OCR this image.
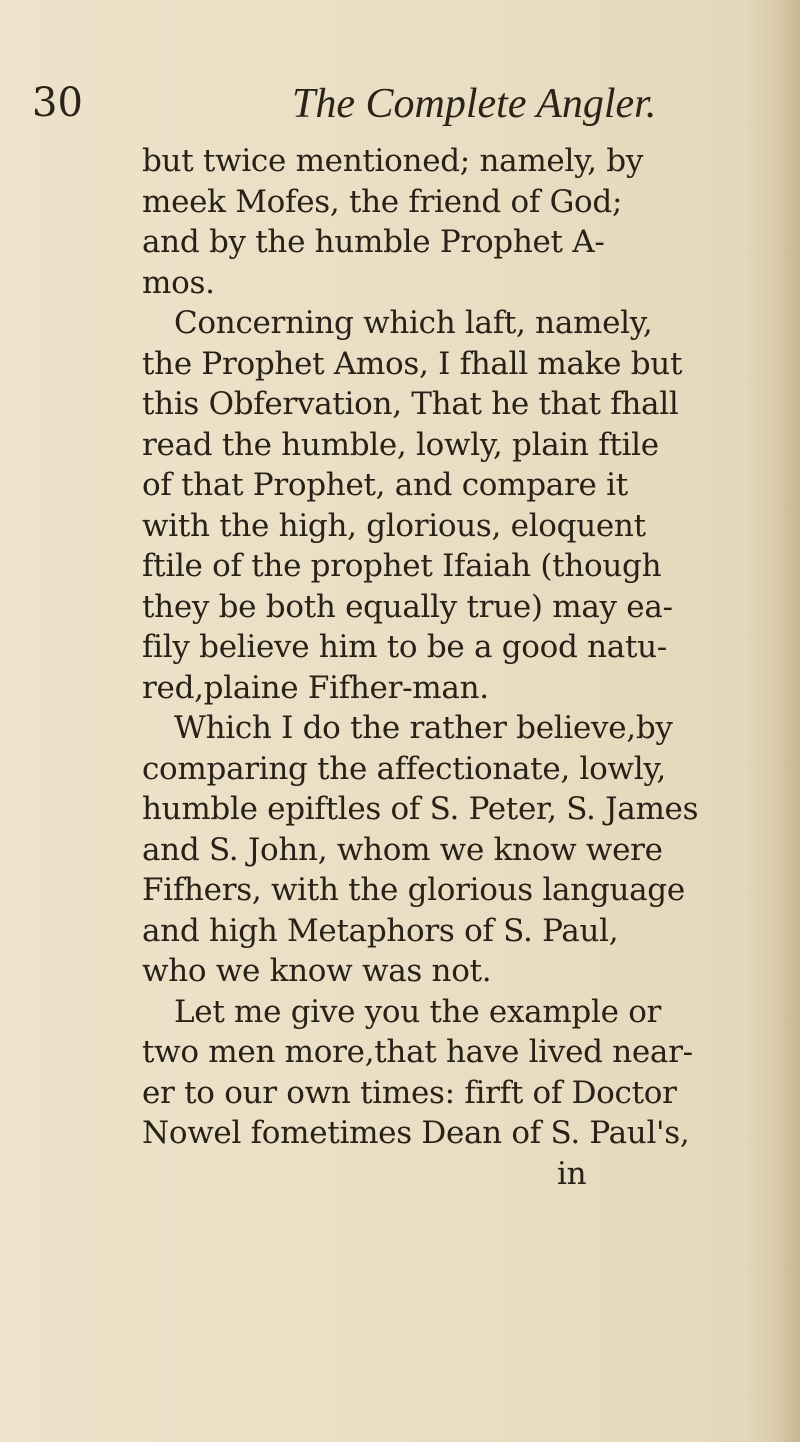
30	The Complete Angler.
but twice mentioned; namely, by
meek Mofes, the friend of God;
and by the humble Prophet A-
mos.
Concerning which laft, namely,
the Prophet Amos, I fhall make but
this Obfervation, That he that fhall
read the humble, lowly, plain ftile
of that Prophet, and compare it
with the high, glorious, eloquent
ftile of the prophet Ifaiah (though
they be both equally true) may ea-
fily believe him to be a good natu-
red,plaine Fifher-man.
Which I do the rather believe,by
comparing the affectionate, lowly,
humble epiftles of S. Peter, S. James
and S. John, whom we know were
Fifhers, with the glorious language
and high Metaphors of S. Paul,
who we know was not.
Let me give you the example or
two men more,that have lived near-
er to our own times: firft of Doctor
Nowel fometimes Dean of S. Paul's,
in
